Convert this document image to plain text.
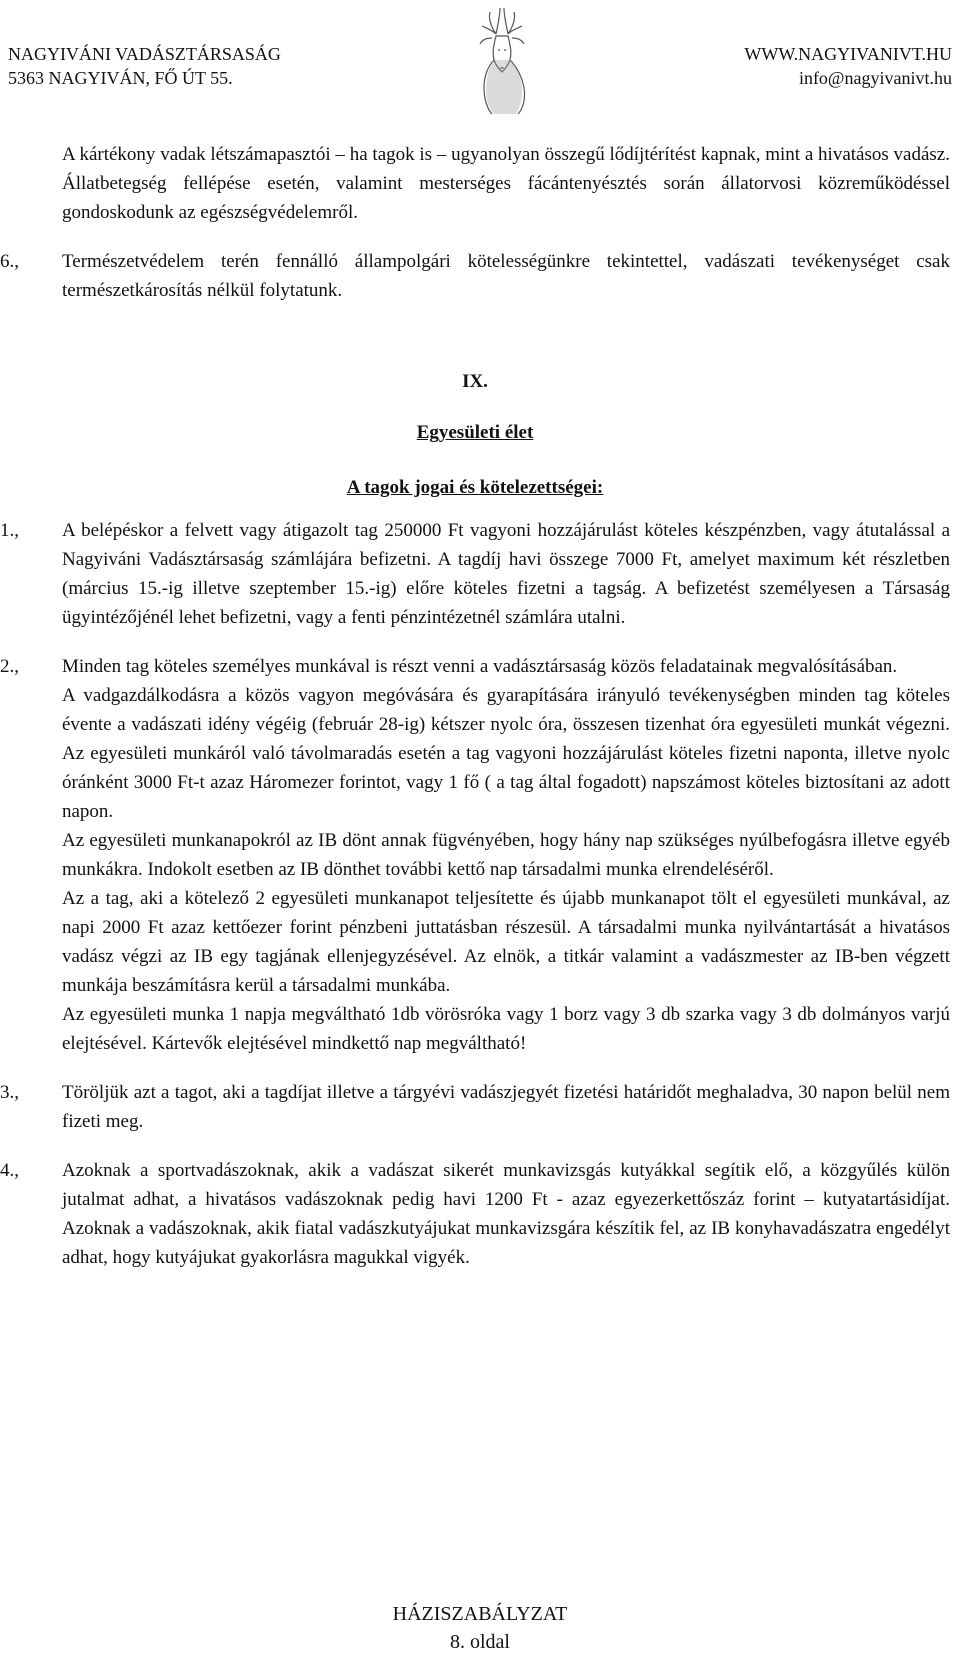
NAGYIVÁNI VADÁSZTÁRSASÁG
5363 NAGYIVÁN, FŐ ÚT 55.
WWW.NAGYIVANIVT.HU
info@nagyivanivt.hu

A kártékony vadak létszámapasztói – ha tagok is – ugyanolyan összegű lődíjtérítést kapnak, mint a hivatásos vadász. Állatbetegség fellépése esetén, valamint mesterséges fácántenyésztés során állatorvosi közreműködéssel gondoskodunk az egészségvédelemről.

6., Természetvédelem terén fennálló állampolgári kötelességünkre tekintettel, vadászati tevékenységet csak természetkárosítás nélkül folytatunk.

IX.
Egyesületi élet
A tagok jogai és kötelezettségei:
1., A belépéskor a felvett vagy átigazolt tag 250000 Ft vagyoni hozzájárulást köteles készpénzben, vagy átutalással a Nagyiváni Vadásztársaság számlájára befizetni. A tagdíj havi összege 7000 Ft, amelyet maximum két részletben (március 15.-ig illetve szeptember 15.-ig) előre köteles fizetni a tagság. A befizetést személyesen a Társaság ügyintézőjénél lehet befizetni, vagy a fenti pénzintézetnél számlára utalni.

2., Minden tag köteles személyes munkával is részt venni a vadásztársaság közös feladatainak megvalósításában.

A vadgazdálkodásra a közös vagyon megóvására és gyarapítására irányuló tevékenységben minden tag köteles évente a vadászati idény végéig (február 28-ig) kétszer nyolc óra, összesen tizenhat óra egyesületi munkát végezni. Az egyesületi munkáról való távolmaradás esetén a tag vagyoni hozzájárulást köteles fizetni naponta, illetve nyolc óránként 3000 Ft-t azaz Háromezer forintot, vagy 1 fő ( a tag által fogadott) napszámost köteles biztosítani az adott napon.

Az egyesületi munkanapokról az IB dönt annak fügvényében, hogy hány nap szükséges nyúlbefogásra illetve egyéb munkákra. Indokolt esetben az IB dönthet további kettő nap társadalmi munka elrendeléséről.

Az a tag, aki a kötelező 2 egyesületi munkanapot teljesítette és újabb munkanapot tölt el egyesületi munkával, az napi 2000 Ft azaz kettőezer forint pénzbeni juttatásban részesül. A társadalmi munka nyilvántartását a hivatásos vadász végzi az IB egy tagjának ellenjegyzésével. Az elnök, a titkár valamint a vadászmester az IB-ben végzett munkája beszámításra kerül a társadalmi munkába.

Az egyesületi munka 1 napja megváltható 1db vörösróka vagy 1 borz vagy 3 db szarka vagy 3 db dolmányos varjú elejtésével. Kártevők elejtésével mindkettő nap megváltható!

3., Töröljük azt a tagot, aki a tagdíjat illetve a tárgyévi vadászjegyét fizetési határidőt meghaladva, 30 napon belül nem fizeti meg.

4., Azoknak a sportvadászoknak, akik a vadászat sikerét munkavizsgás kutyákkal segítik elő, a közgyűlés külön jutalmat adhat, a hivatásos vadászoknak pedig havi 1200 Ft - azaz egyezerkettőszáz forint – kutyatartásidíjat. Azoknak a vadászoknak, akik fiatal vadászkutyájukat munkavizsgára készítik fel, az IB konyhavadászatra engedélyt adhat, hogy kutyájukat gyakorlásra magukkal vigyék.

HÁZISZABÁLYZAT
8. oldal
